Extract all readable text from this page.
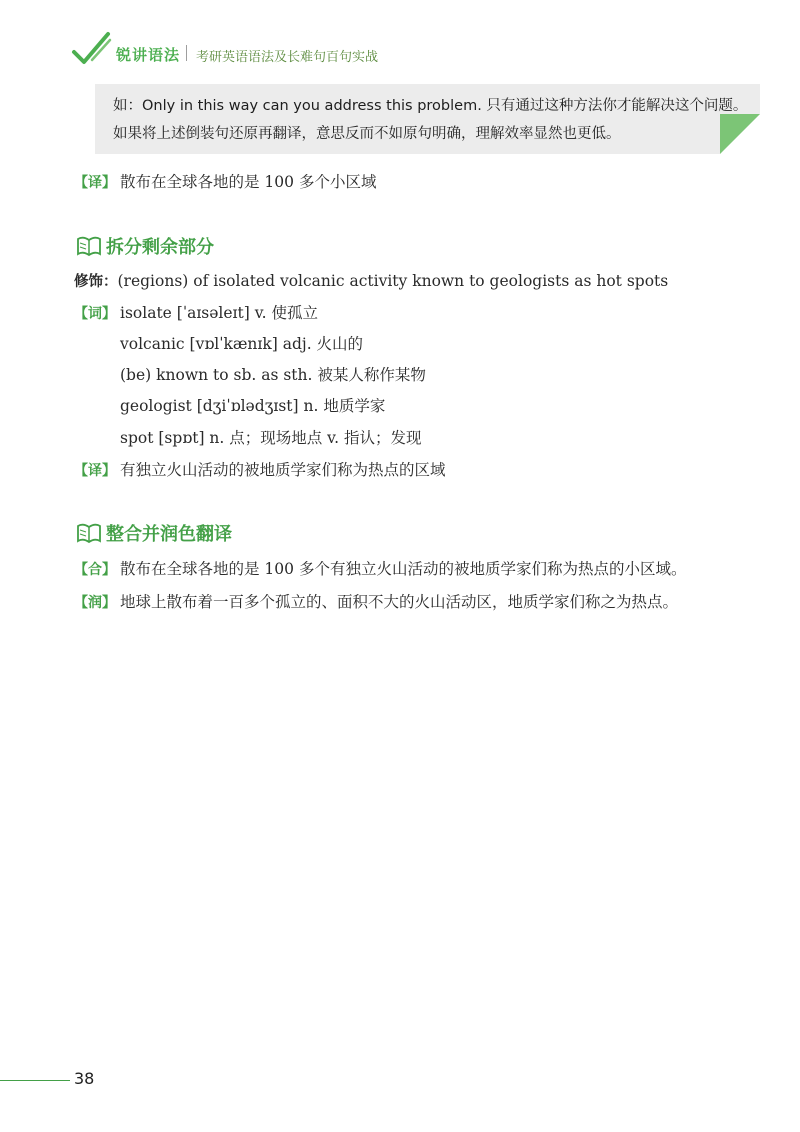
锐讲语法 考研英语语法及长难句百句实战
如：Only in this way can you address this problem. 只有通过这种方法你才能解决这个问题。
如果将上述倒装句还原再翻译，意思反而不如原句明确，理解效率显然也更低。
【译】 散布在全球各地的是 100 多个小区域
拆分剩余部分
修饰：(regions) of isolated volcanic activity known to geologists as hot spots
【词】 isolate [ˈaɪsəleɪt] v. 使孤立
volcanic [vɒlˈkænɪk] adj. 火山的
(be) known to sb. as sth. 被某人称作某物
geologist [dʒiˈɒlədʒɪst] n. 地质学家
spot [spɒt] n. 点；现场地点 v. 指认；发现
【译】 有独立火山活动的被地质学家们称为热点的区域
整合并润色翻译
【合】 散布在全球各地的是 100 多个有独立火山活动的被地质学家们称为热点的小区域。
【润】 地球上散布着一百多个孤立的、面积不大的火山活动区，地质学家们称之为热点。
38
